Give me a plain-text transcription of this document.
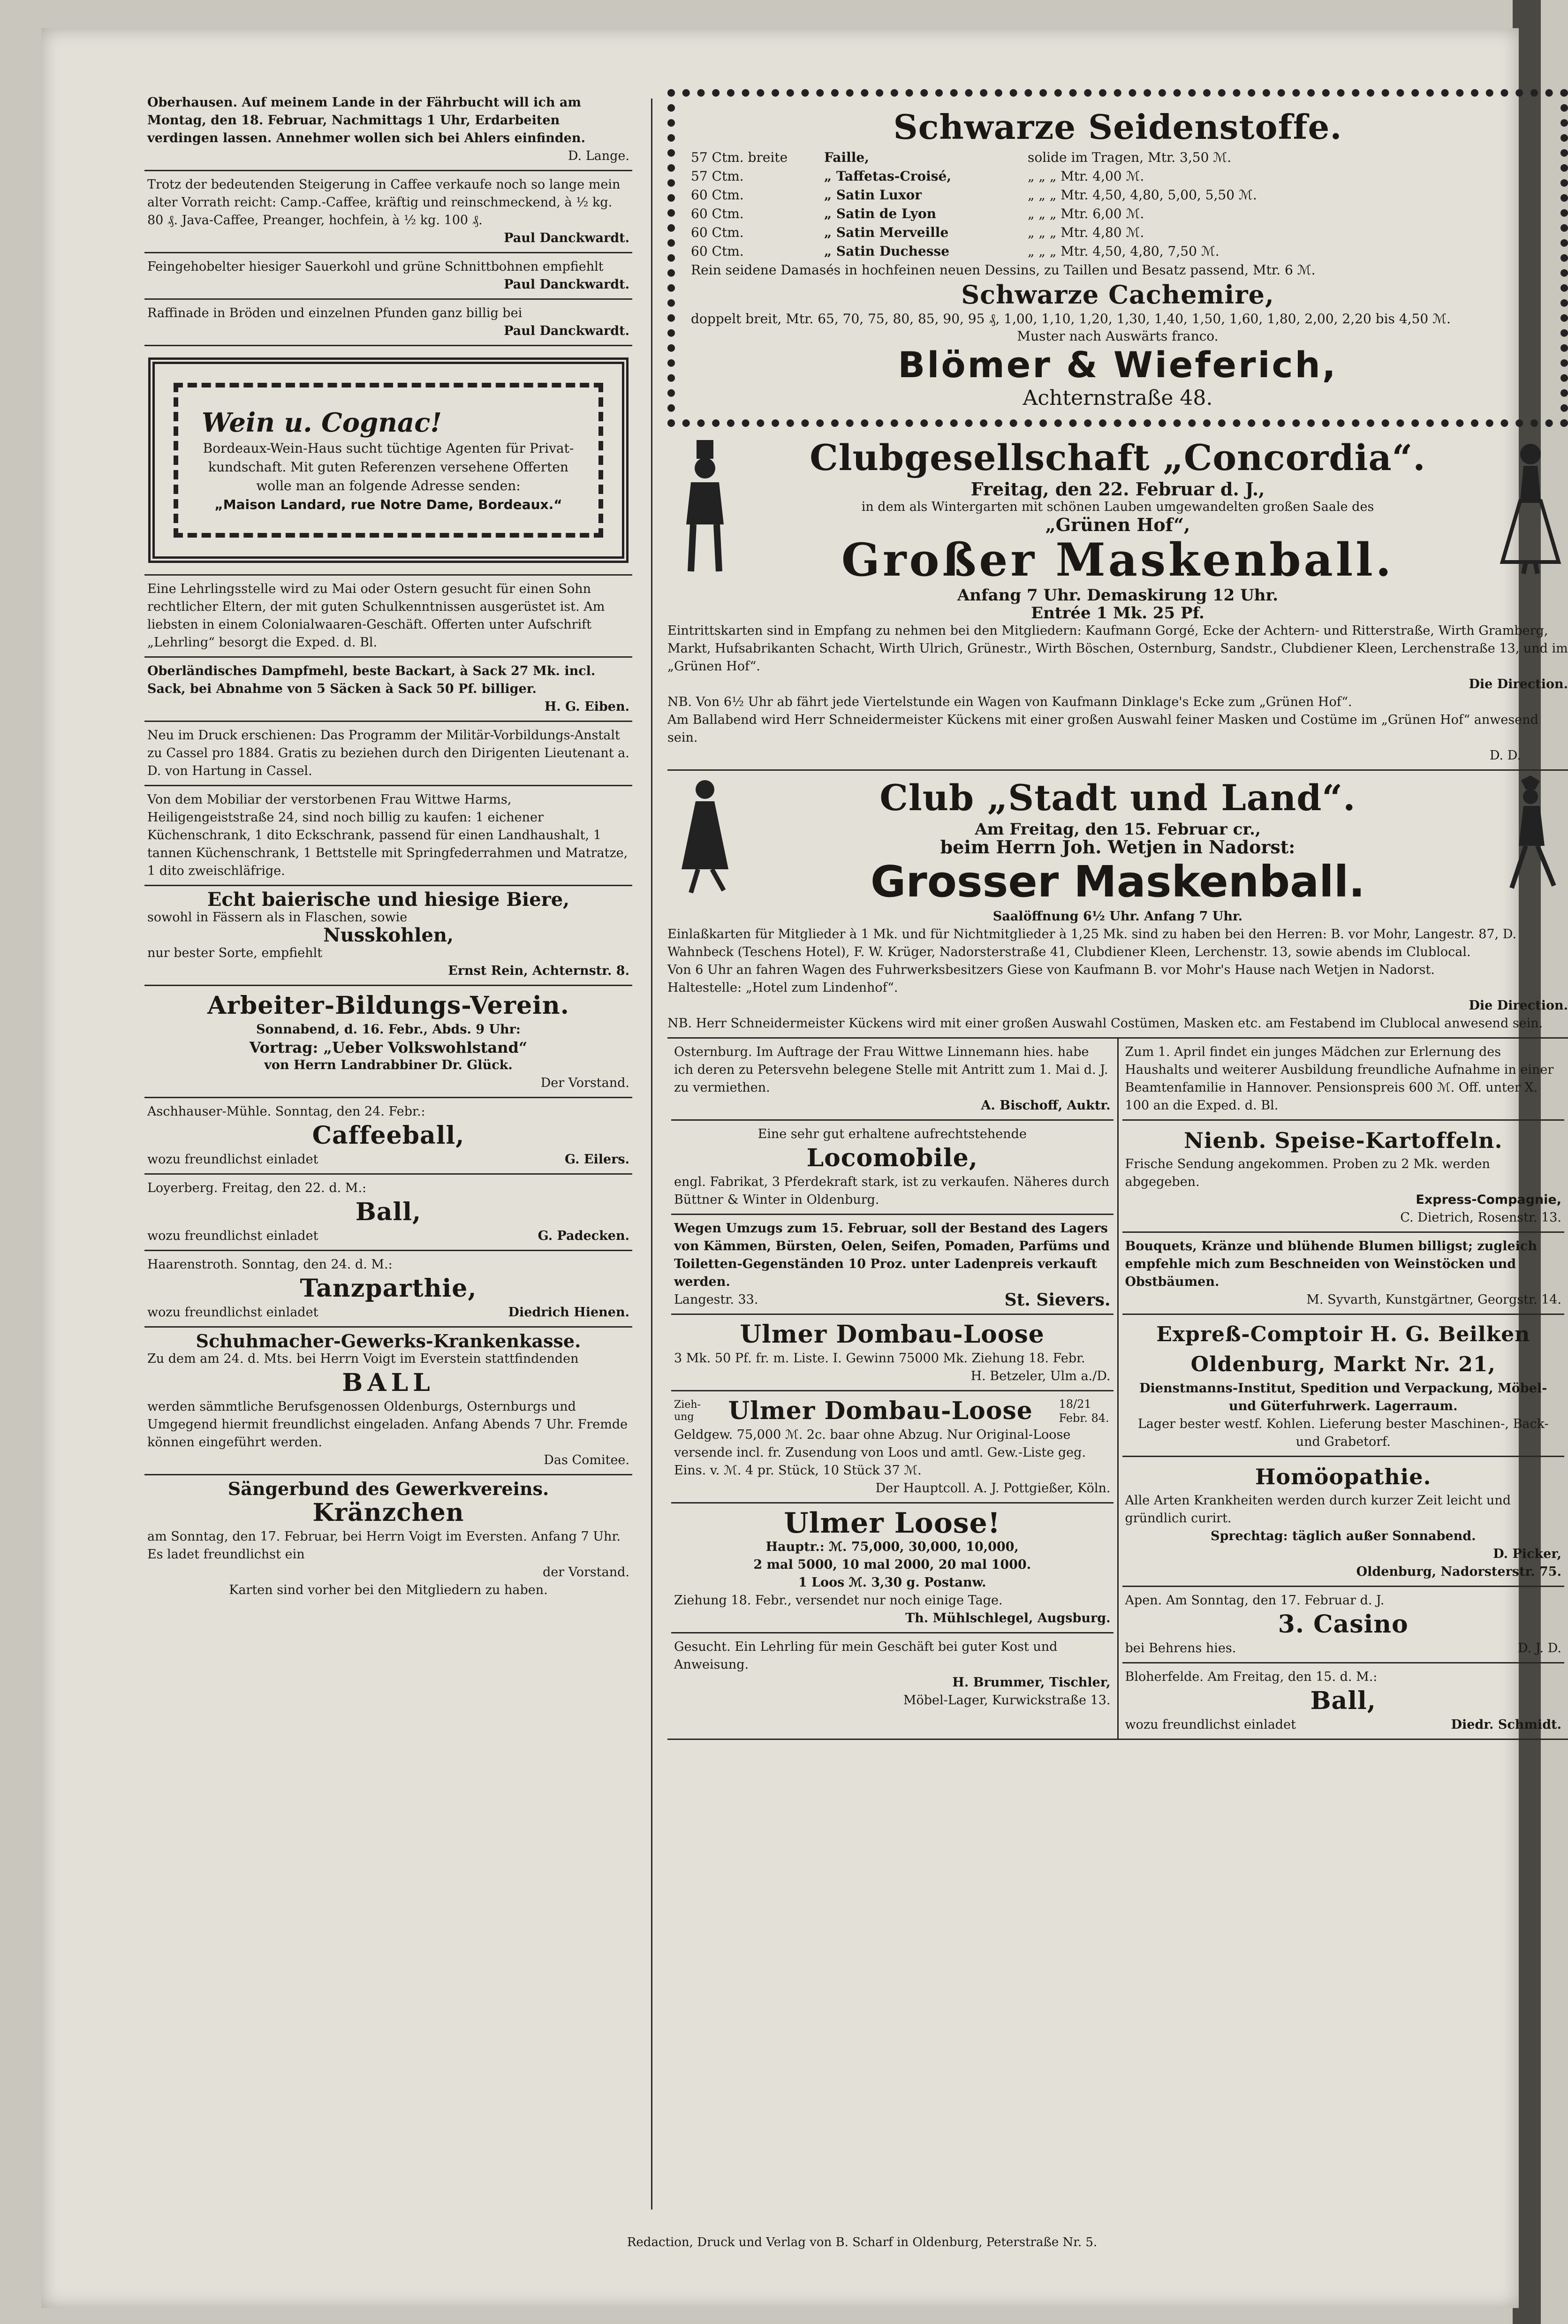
Oberhausen. Auf meinem Lande in der Fährbucht will ich am Montag, den 18. Februar, Nachmittags 1 Uhr, Erdarbeiten verdingen lassen. Annehmer wollen sich bei Ahlers einfinden.
D. Lange.
Trotz der bedeutenden Steigerung in Caffee verkaufe noch so lange mein alter Vorrath reicht: Camp.-Caffee, kräftig und reinschmeckend, à ½ kg. 80 ₰. Java-Caffee, Preanger, hochfein, à ½ kg. 100 ₰.
Paul Danckwardt.
Feingehobelter hiesiger Sauerkohl und grüne Schnittbohnen empfiehlt
Paul Danckwardt.
Raffinade in Bröden und einzelnen Pfunden ganz billig bei
Paul Danckwardt.
Wein u. Cognac!
Bordeaux-Wein-Haus sucht tüchtige Agenten für Privat-kundschaft. Mit guten Referenzen versehene Offerten wolle man an folgende Adresse senden:
„Maison Landard, rue Notre Dame, Bordeaux.“
Eine Lehrlingsstelle wird zu Mai oder Ostern gesucht für einen Sohn rechtlicher Eltern, der mit guten Schulkenntnissen ausgerüstet ist. Am liebsten in einem Colonialwaaren-Geschäft. Offerten unter Aufschrift „Lehrling“ besorgt die Exped. d. Bl.
Oberländisches Dampfmehl, beste Backart, à Sack 27 Mk. incl. Sack, bei Abnahme von 5 Säcken à Sack 50 Pf. billiger.
H. G. Eiben.
Neu im Druck erschienen: Das Programm der Militär-Vorbildungs-Anstalt zu Cassel pro 1884. Gratis zu beziehen durch den Dirigenten Lieutenant a. D. von Hartung in Cassel.
Von dem Mobiliar der verstorbenen Frau Wittwe Harms, Heiligengeiststraße 24, sind noch billig zu kaufen: 1 eichener Küchenschrank, 1 dito Eckschrank, passend für einen Landhaushalt, 1 tannen Küchenschrank, 1 Bettstelle mit Springfederrahmen und Matratze, 1 dito zweischläfrige.
Echt baierische und hiesige Biere,
sowohl in Fässern als in Flaschen, sowie
Nusskohlen,
nur bester Sorte, empfiehlt
Ernst Rein, Achternstr. 8.
Arbeiter-Bildungs-Verein.
Sonnabend, d. 16. Febr., Abds. 9 Uhr:
Vortrag: „Ueber Volkswohlstand“
von Herrn Landrabbiner Dr. Glück.
Der Vorstand.
Aschhauser-Mühle. Sonntag, den 24. Febr.:
Caffeeball,
wozu freundlichst einladet	G. Eilers.
Loyerberg. Freitag, den 22. d. M.:
Ball,
wozu freundlichst einladet	G. Padecken.
Haarenstroth. Sonntag, den 24. d. M.:
Tanzparthie,
wozu freundlichst einladet	Diedrich Hienen.
Schuhmacher-Gewerks-Krankenkasse.
Zu dem am 24. d. Mts. bei Herrn Voigt im Everstein stattfindenden
BALL
werden sämmtliche Berufsgenossen Oldenburgs, Osternburgs und Umgegend hiermit freundlichst eingeladen. Anfang Abends 7 Uhr. Fremde können eingeführt werden.
Das Comitee.
Sängerbund des Gewerkvereins.
Kränzchen
am Sonntag, den 17. Februar, bei Herrn Voigt im Eversten. Anfang 7 Uhr. Es ladet freundlichst ein
der Vorstand.
Karten sind vorher bei den Mitgliedern zu haben.
Schwarze Seidenstoffe.
57 Ctm. breite	Faille,	solide im Tragen, Mtr. 3,50 ℳ.
57 Ctm.	„ Taffetas-Croisé,	„ „ „ Mtr. 4,00 ℳ.
60 Ctm.	„ Satin Luxor	„ „ „ Mtr. 4,50, 4,80, 5,00, 5,50 ℳ.
60 Ctm.	„ Satin de Lyon	„ „ „ Mtr. 6,00 ℳ.
60 Ctm.	„ Satin Merveille	„ „ „ Mtr. 4,80 ℳ.
60 Ctm.	„ Satin Duchesse	„ „ „ Mtr. 4,50, 4,80, 7,50 ℳ.
Rein seidene Damasés in hochfeinen neuen Dessins, zu Taillen und Besatz passend, Mtr. 6 ℳ.
Schwarze Cachemire,
doppelt breit, Mtr. 65, 70, 75, 80, 85, 90, 95 ₰, 1,00, 1,10, 1,20, 1,30, 1,40, 1,50, 1,60, 1,80, 2,00, 2,20 bis 4,50 ℳ.
Muster nach Auswärts franco.
Blömer & Wieferich,
Achternstraße 48.
Clubgesellschaft „Concordia“.
Freitag, den 22. Februar d. J.,
in dem als Wintergarten mit schönen Lauben umgewandelten großen Saale des
„Grünen Hof“,
Großer Maskenball.
Anfang 7 Uhr. Demaskirung 12 Uhr.
Entrée 1 Mk. 25 Pf.
Eintrittskarten sind in Empfang zu nehmen bei den Mitgliedern: Kaufmann Gorgé, Ecke der Achtern- und Ritterstraße, Wirth Gramberg, Markt, Hufsabrikanten Schacht, Wirth Ulrich, Grünestr., Wirth Böschen, Osternburg, Sandstr., Clubdiener Kleen, Lerchenstraße 13, und im „Grünen Hof“.
Die Direction.
NB. Von 6½ Uhr ab fährt jede Viertelstunde ein Wagen von Kaufmann Dinklage's Ecke zum „Grünen Hof“.
Am Ballabend wird Herr Schneidermeister Kückens mit einer großen Auswahl feiner Masken und Costüme im „Grünen Hof“ anwesend sein.
D. D.
Club „Stadt und Land“.
Am Freitag, den 15. Februar cr.,
beim Herrn Joh. Wetjen in Nadorst:
Grosser Maskenball.
Saalöffnung 6½ Uhr. Anfang 7 Uhr.
Einlaßkarten für Mitglieder à 1 Mk. und für Nichtmitglieder à 1,25 Mk. sind zu haben bei den Herren: B. vor Mohr, Langestr. 87, D. Wahnbeck (Teschens Hotel), F. W. Krüger, Nadorsterstraße 41, Clubdiener Kleen, Lerchenstr. 13, sowie abends im Clublocal.
Von 6 Uhr an fahren Wagen des Fuhrwerksbesitzers Giese von Kaufmann B. vor Mohr's Hause nach Wetjen in Nadorst.
Haltestelle: „Hotel zum Lindenhof“.
Die Direction.
NB. Herr Schneidermeister Kückens wird mit einer großen Auswahl Costümen, Masken etc. am Festabend im Clublocal anwesend sein.
Osternburg. Im Auftrage der Frau Wittwe Linnemann hies. habe ich deren zu Petersvehn belegene Stelle mit Antritt zum 1. Mai d. J. zu vermiethen.
A. Bischoff, Auktr.
Eine sehr gut erhaltene aufrechtstehende
Locomobile,
engl. Fabrikat, 3 Pferdekraft stark, ist zu verkaufen. Näheres durch Büttner & Winter in Oldenburg.
Wegen Umzugs zum 15. Februar, soll der Bestand des Lagers von Kämmen, Bürsten, Oelen, Seifen, Pomaden, Parfüms und Toiletten-Gegenständen 10 Proz. unter Ladenpreis verkauft werden.
Langestr. 33.	St. Sievers.
Ulmer Dombau-Loose
3 Mk. 50 Pf. fr. m. Liste. I. Gewinn 75000 Mk. Ziehung 18. Febr.
H. Betzeler, Ulm a./D.
Zieh- ung	Ulmer Dombau-Loose	18/21 Febr. 84.
Geldgew. 75,000 ℳ. 2c. baar ohne Abzug. Nur Original-Loose versende incl. fr. Zusendung von Loos und amtl. Gew.-Liste geg. Eins. v. ℳ. 4 pr. Stück, 10 Stück 37 ℳ.
Der Hauptcoll. A. J. Pottgießer, Köln.
Ulmer Loose!
Hauptr.: ℳ. 75,000, 30,000, 10,000,
2 mal 5000, 10 mal 2000, 20 mal 1000.
1 Loos ℳ. 3,30 g. Postanw.
Ziehung 18. Febr., versendet nur noch einige Tage.
Th. Mühlschlegel, Augsburg.
Gesucht. Ein Lehrling für mein Geschäft bei guter Kost und Anweisung.
H. Brummer, Tischler,
Möbel-Lager, Kurwickstraße 13.
Zum 1. April findet ein junges Mädchen zur Erlernung des Haushalts und weiterer Ausbildung freundliche Aufnahme in einer Beamtenfamilie in Hannover. Pensionspreis 600 ℳ. Off. unter X. 100 an die Exped. d. Bl.
Nienb. Speise-Kartoffeln.
Frische Sendung angekommen. Proben zu 2 Mk. werden abgegeben.
Express-Compagnie,
C. Dietrich, Rosenstr. 13.
Bouquets, Kränze und blühende Blumen billigst; zugleich empfehle mich zum Beschneiden von Weinstöcken und Obstbäumen.
M. Syvarth, Kunstgärtner, Georgstr. 14.
Expreß-Comptoir H. G. Beilken
Oldenburg, Markt Nr. 21,
Dienstmanns-Institut, Spedition und Verpackung, Möbel- und Güterfuhrwerk. Lagerraum.
Lager bester westf. Kohlen. Lieferung bester Maschinen-, Back- und Grabetorf.
Homöopathie.
Alle Arten Krankheiten werden durch kurzer Zeit leicht und gründlich curirt.
Sprechtag: täglich außer Sonnabend.
D. Picker,
Oldenburg, Nadorsterstr. 75.
Apen. Am Sonntag, den 17. Februar d. J.
3. Casino
bei Behrens hies.	D. J. D.
Bloherfelde. Am Freitag, den 15. d. M.:
Ball,
wozu freundlichst einladet	Diedr. Schmidt.
Redaction, Druck und Verlag von B. Scharf in Oldenburg, Peterstraße Nr. 5.
